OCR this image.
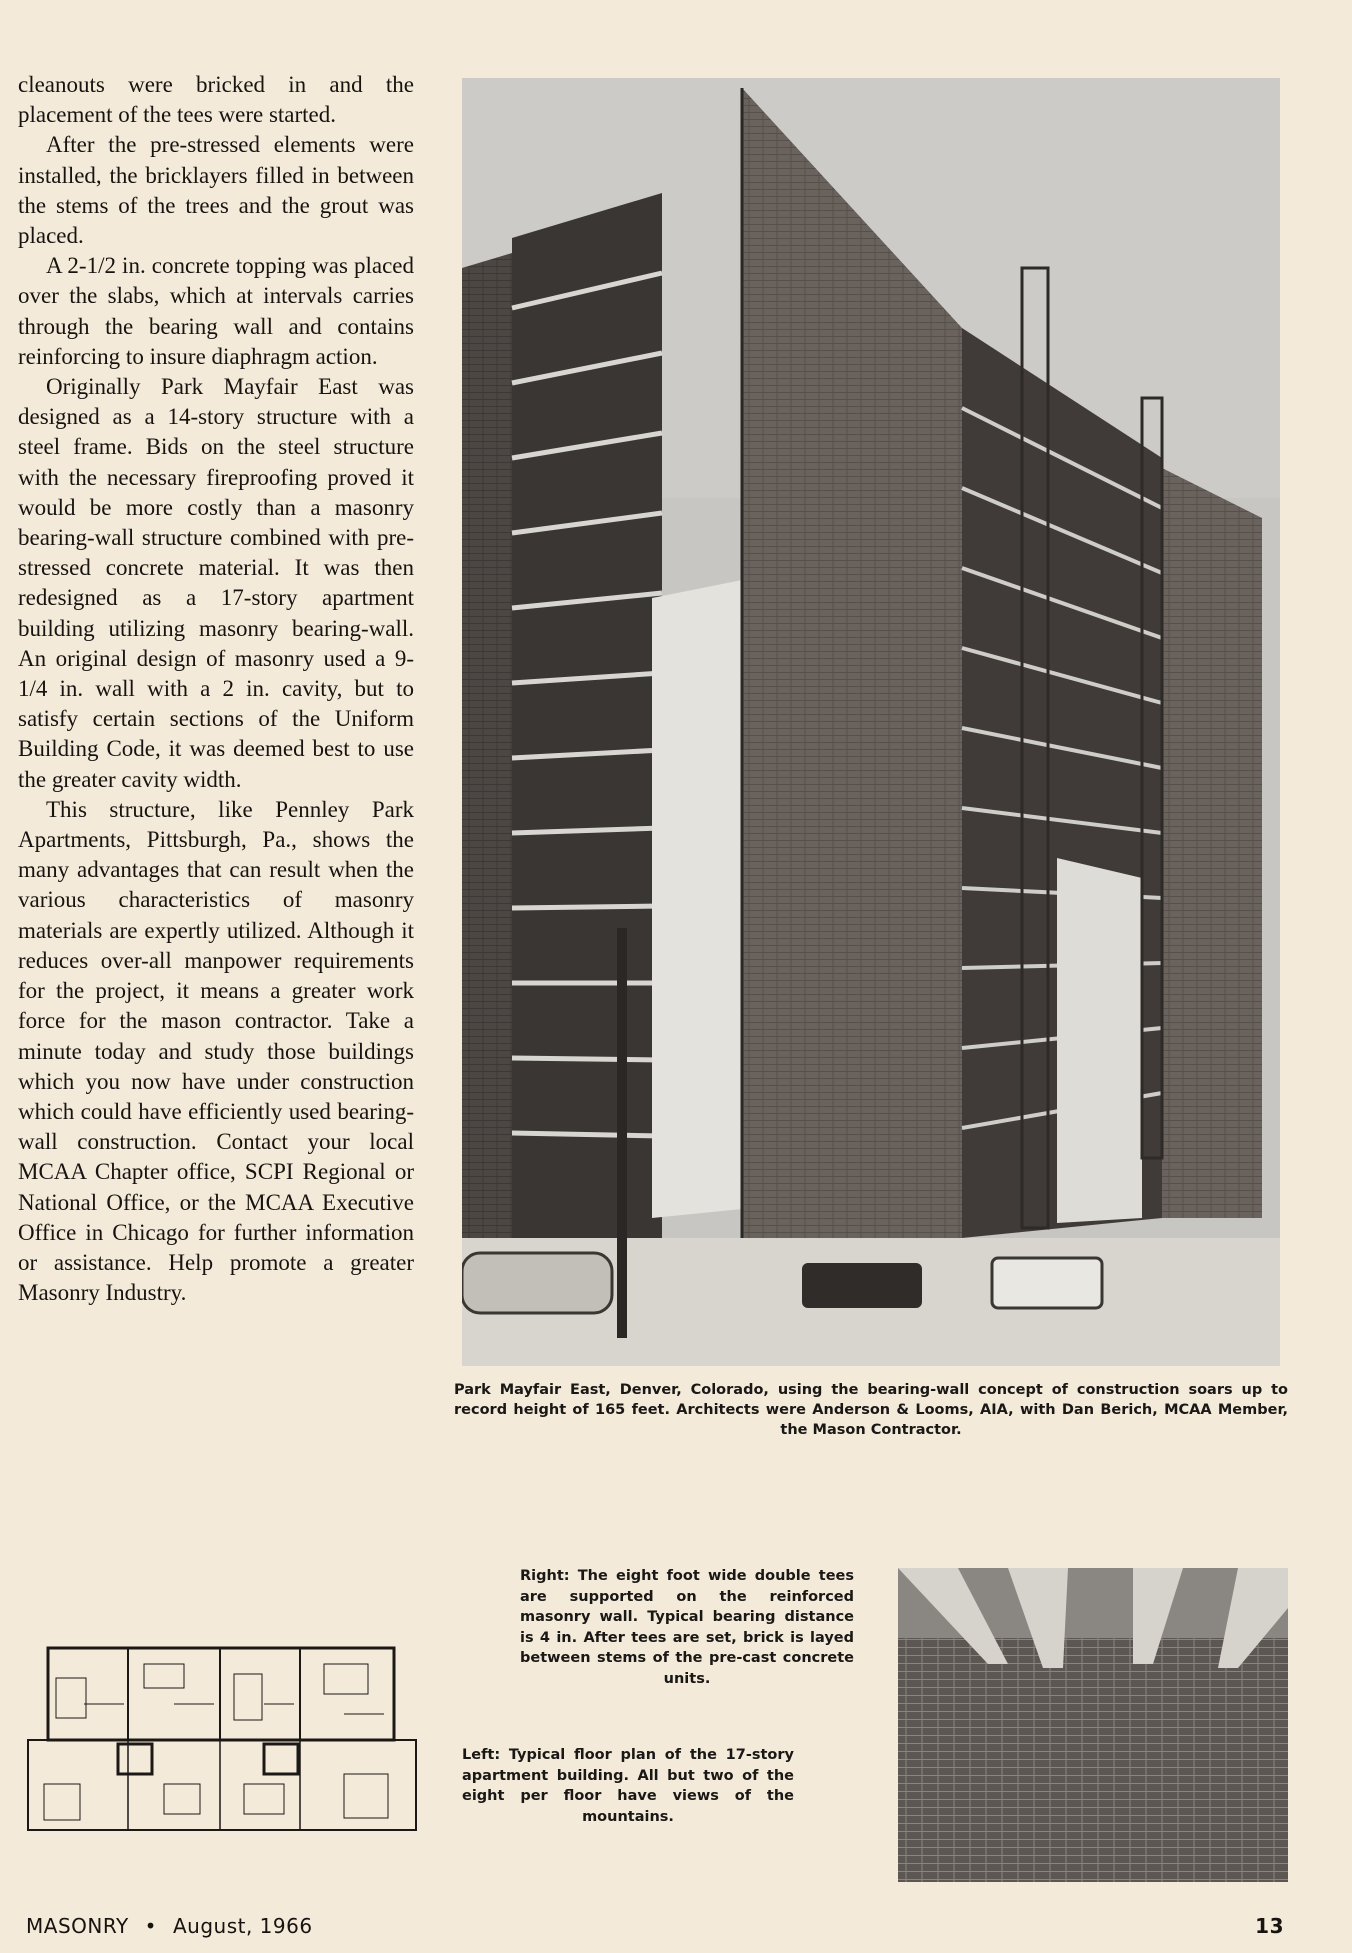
cleanouts were bricked in and the placement of the tees were started.

After the pre-stressed elements were installed, the bricklayers filled in between the stems of the trees and the grout was placed.

A 2-1/2 in. concrete topping was placed over the slabs, which at intervals carries through the bearing wall and contains reinforcing to insure diaphragm action.

Originally Park Mayfair East was designed as a 14-story structure with a steel frame. Bids on the steel structure with the necessary fireproofing proved it would be more costly than a masonry bearing-wall structure combined with pre-stressed concrete material. It was then redesigned as a 17-story apartment building utilizing masonry bearing-wall. An original design of masonry used a 9-1/4 in. wall with a 2 in. cavity, but to satisfy certain sections of the Uniform Building Code, it was deemed best to use the greater cavity width.

This structure, like Pennley Park Apartments, Pittsburgh, Pa., shows the many advantages that can result when the various characteristics of masonry materials are expertly utilized. Although it reduces over-all manpower requirements for the project, it means a greater work force for the mason contractor. Take a minute today and study those buildings which you now have under construction which could have efficiently used bearing-wall construction. Contact your local MCAA Chapter office, SCPI Regional or National Office, or the MCAA Executive Office in Chicago for further information or assistance. Help promote a greater Masonry Industry.

Park Mayfair East, Denver, Colorado, using the bearing-wall concept of construction soars up to record height of 165 feet. Architects were Anderson & Looms, AIA, with Dan Berich, MCAA Member, the Mason Contractor.
Right: The eight foot wide double tees are supported on the reinforced masonry wall. Typical bearing distance is 4 in. After tees are set, brick is layed between stems of the pre-cast concrete units.
Left: Typical floor plan of the 17-story apartment building. All but two of the eight per floor have views of the mountains.
MASONRY • August, 1966	13
